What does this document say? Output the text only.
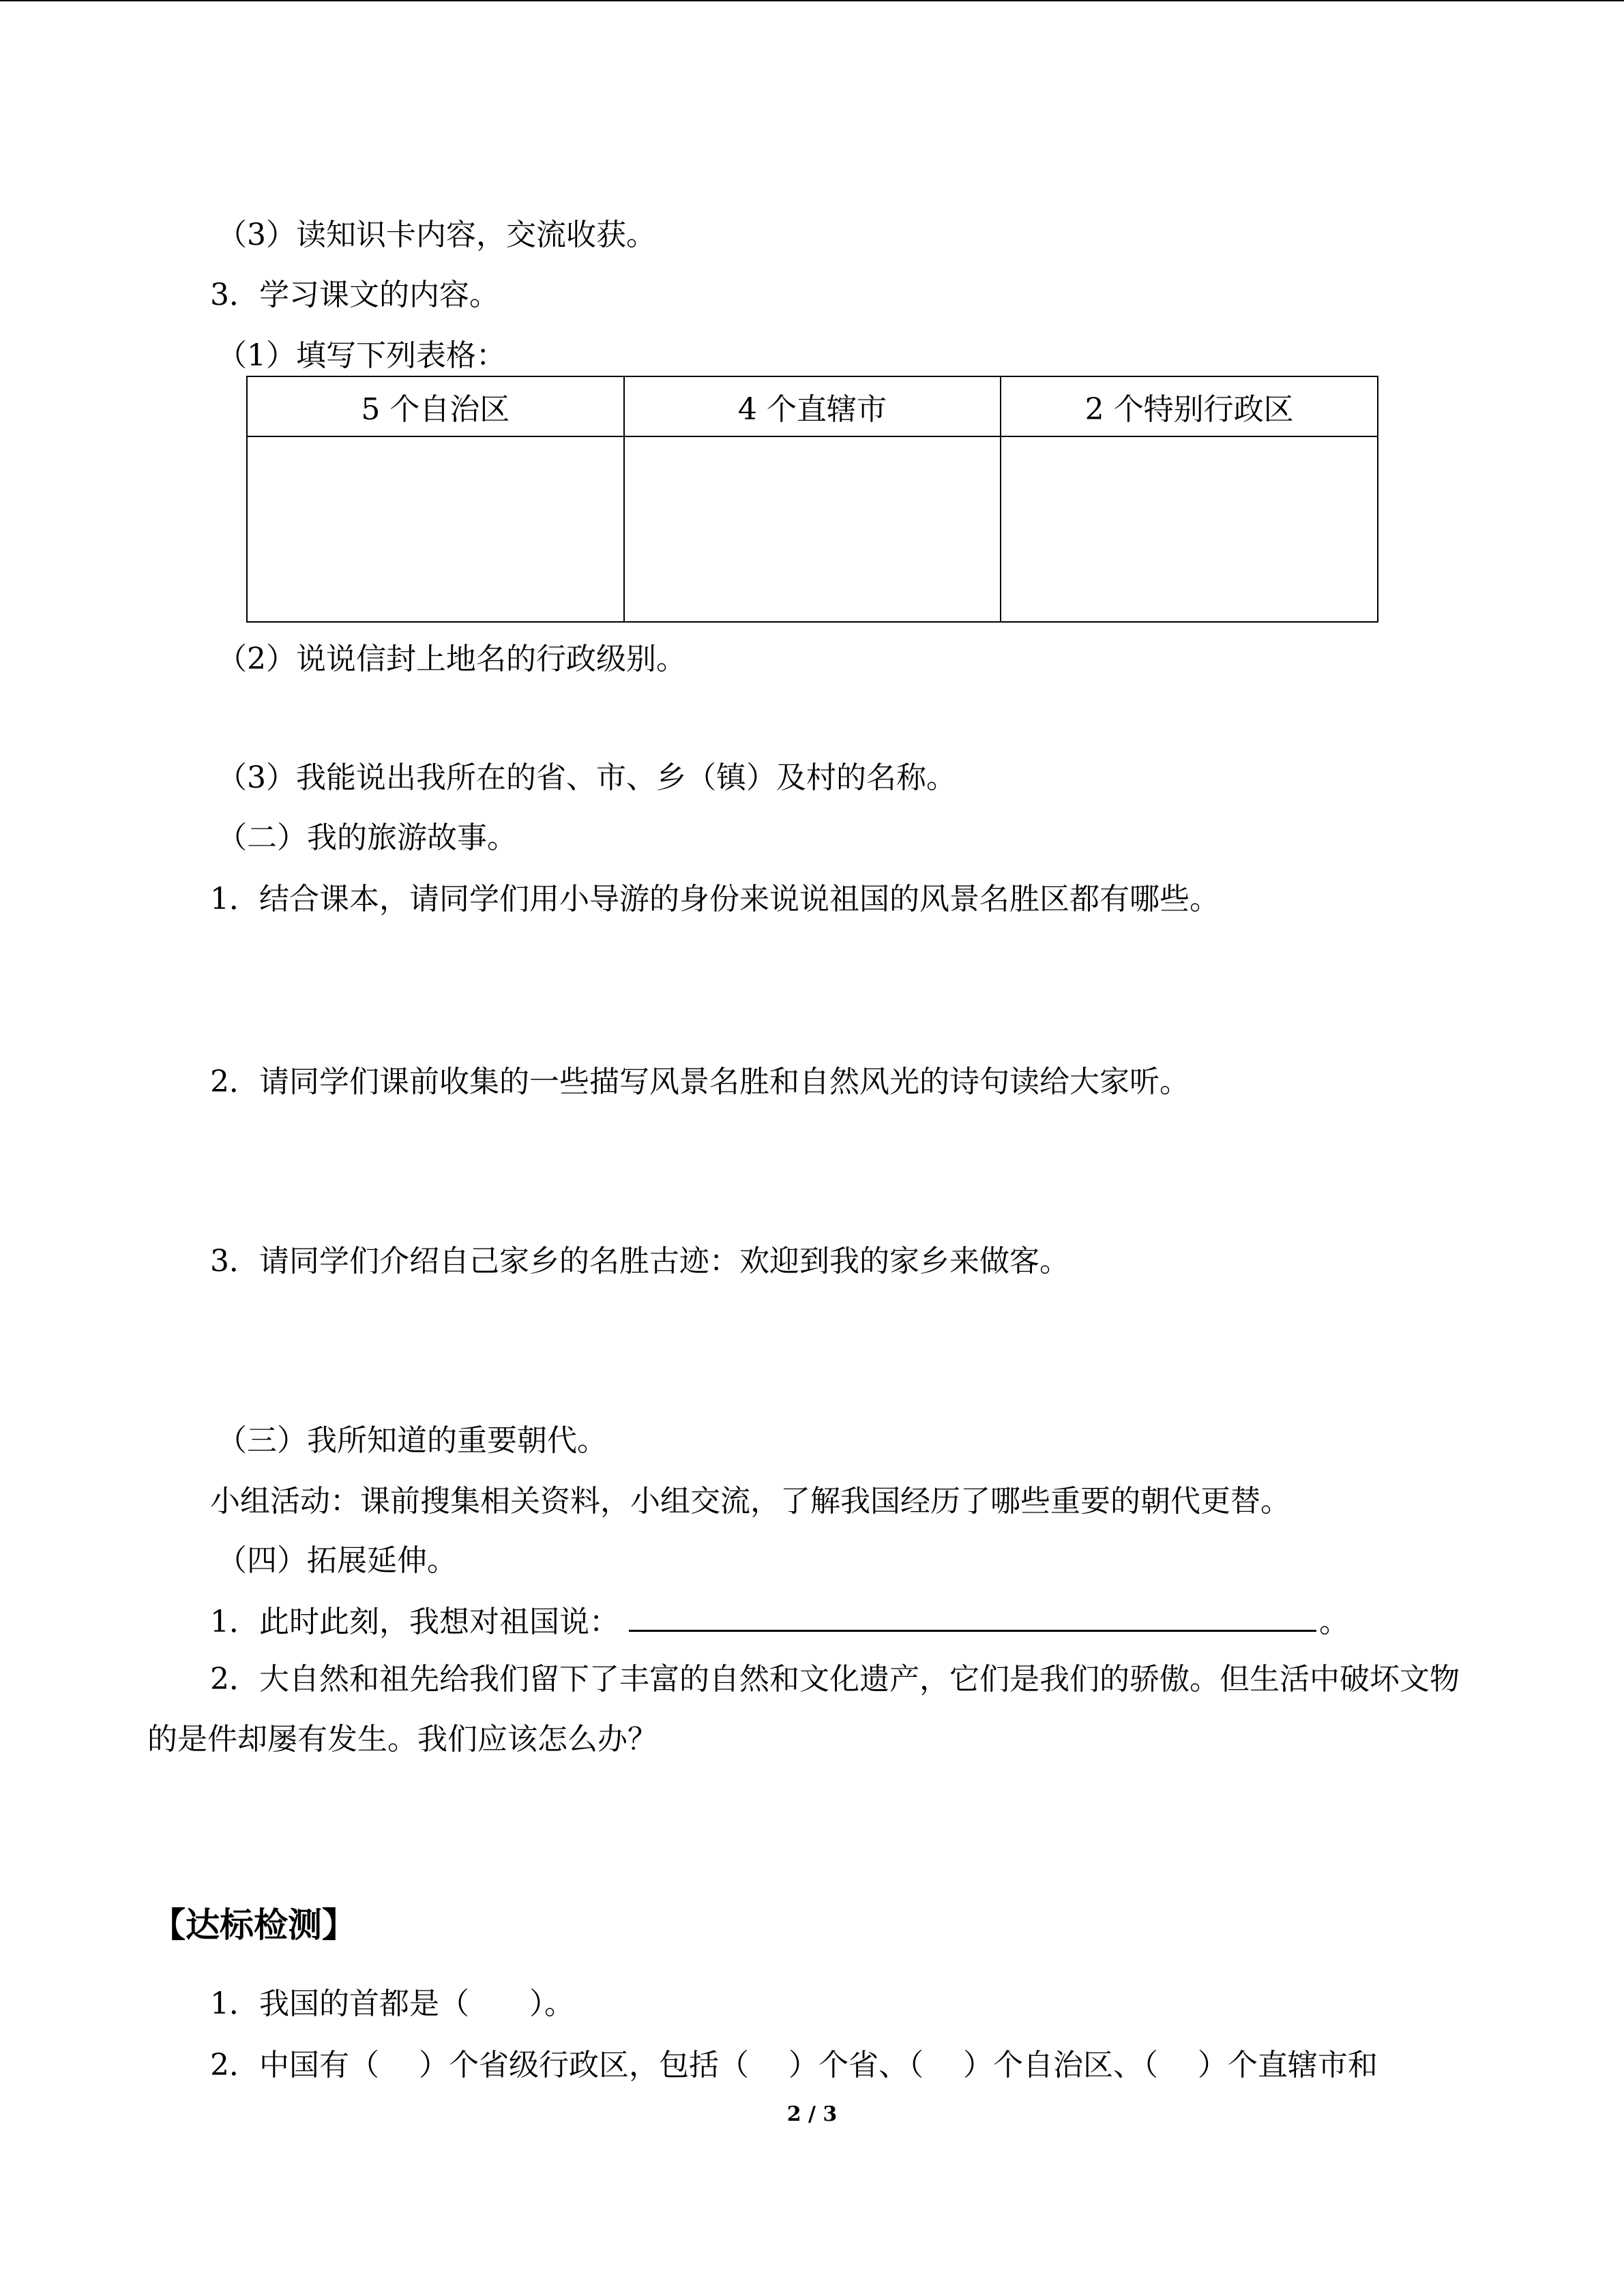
（3）读知识卡内容，交流收获。
3．学习课文的内容。
（1）填写下列表格：
5 个自治区	4 个直辖市	2 个特别行政区

（2）说说信封上地名的行政级别。
（3）我能说出我所在的省、市、乡（镇）及村的名称。
（二）我的旅游故事。
1．结合课本，请同学们用小导游的身份来说说祖国的风景名胜区都有哪些。
2．请同学们课前收集的一些描写风景名胜和自然风光的诗句读给大家听。
3．请同学们介绍自己家乡的名胜古迹：欢迎到我的家乡来做客。
（三）我所知道的重要朝代。
小组活动：课前搜集相关资料，小组交流，了解我国经历了哪些重要的朝代更替。
（四）拓展延伸。
1．此时此刻，我想对祖国说：	。
2．大自然和祖先给我们留下了丰富的自然和文化遗产，它们是我们的骄傲。但生活中破坏文物的是件却屡有发生。我们应该怎么办？
【达标检测】
1．我国的首都是（　　）。
2．中国有（　 ）个省级行政区，包括（　 ）个省、（　 ）个自治区、（　 ）个直辖市和
2 / 3
